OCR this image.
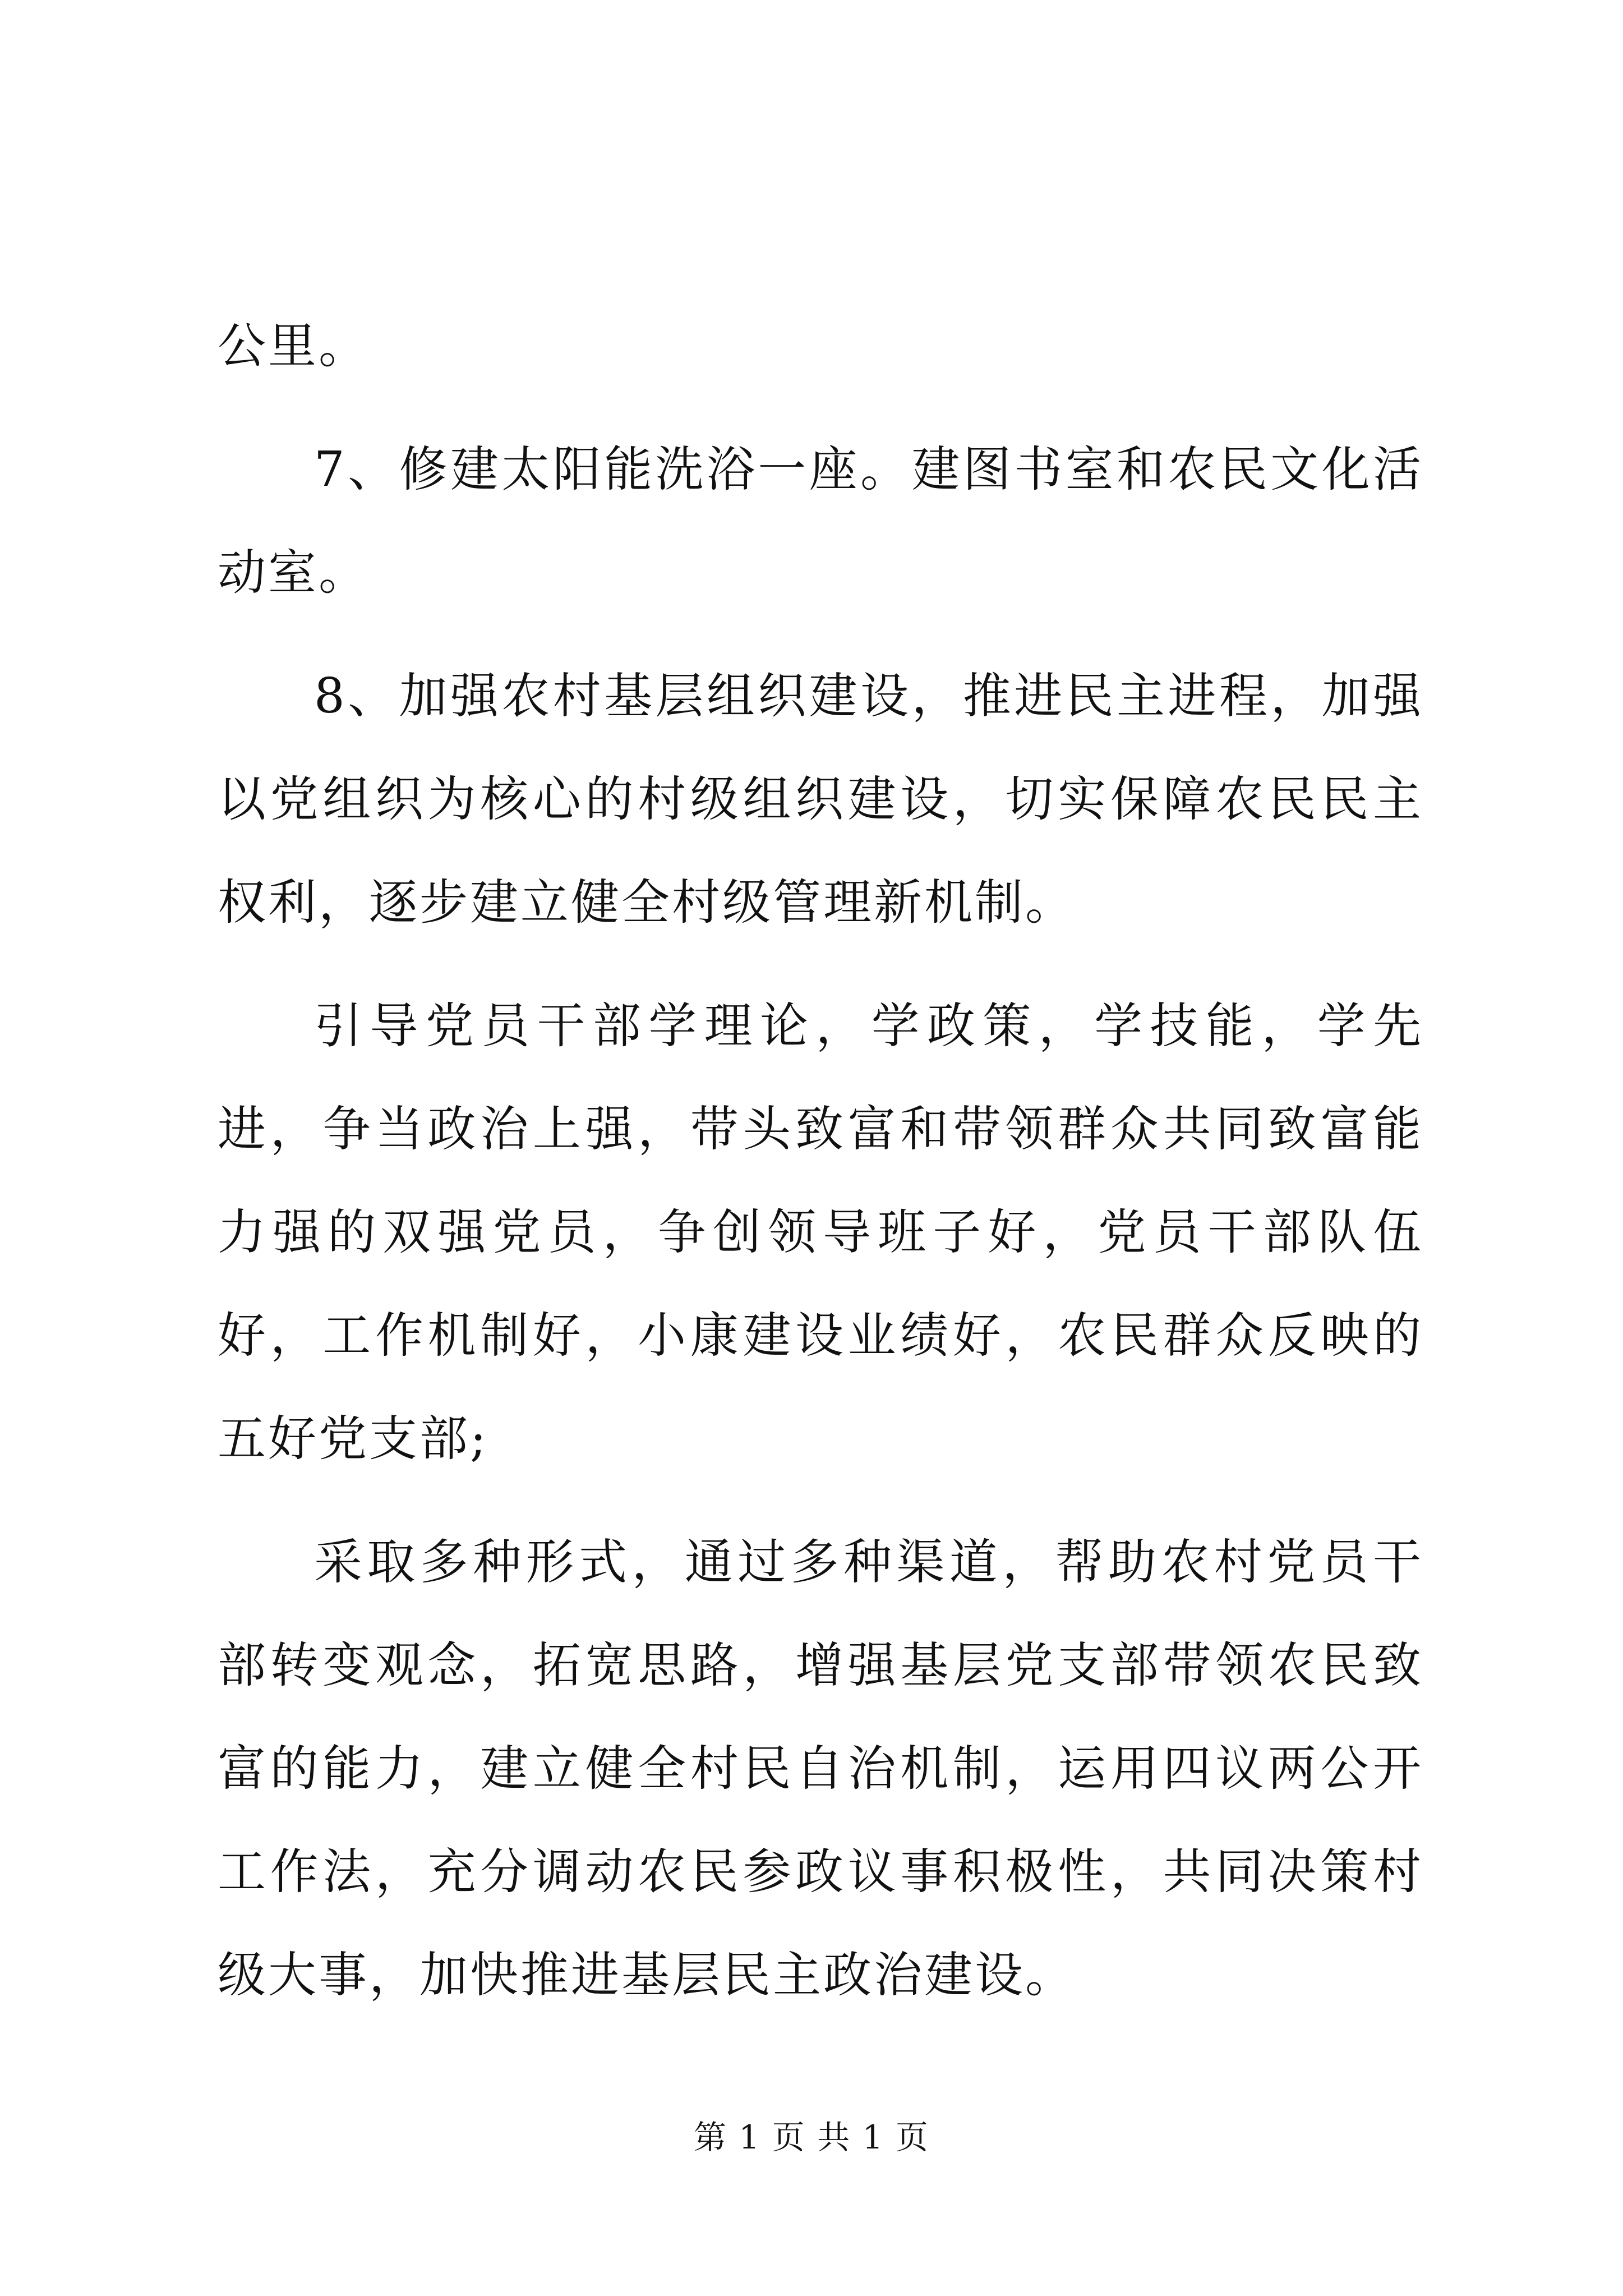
公里。

7、修建太阳能洗浴一座。建图书室和农民文化活动室。

8、加强农村基层组织建设，推进民主进程，加强以党组织为核心的村级组织建设，切实保障农民民主权利，逐步建立健全村级管理新机制。

引导党员干部学理论，学政策，学技能，学先进，争当政治上强，带头致富和带领群众共同致富能力强的双强党员，争创领导班子好，党员干部队伍好，工作机制好，小康建设业绩好，农民群众反映的五好党支部;

采取多种形式，通过多种渠道，帮助农村党员干部转变观念，拓宽思路，增强基层党支部带领农民致富的能力，建立健全村民自治机制，运用四议两公开工作法，充分调动农民参政议事积极性，共同决策村级大事，加快推进基层民主政治建设。

第 1 页 共 1 页
